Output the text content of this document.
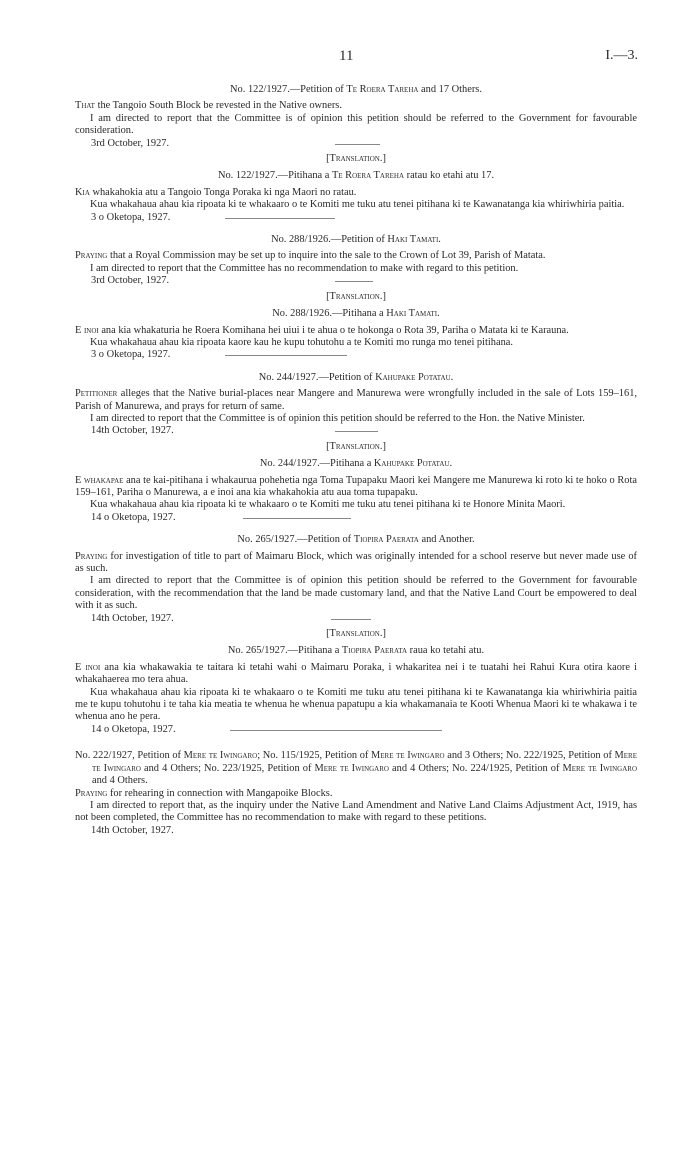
11	I.—3.
No. 122/1927.—Petition of Te Roera Tareha and 17 Others.
That the Tangoio South Block be revested in the Native owners.
I am directed to report that the Committee is of opinion this petition should be referred to the Government for favourable consideration.
3rd October, 1927.
[Translation.]
No. 122/1927.—Pitihana a Te Roera Tareha ratau ko etahi atu 17.
Kia whakahokia atu a Tangoio Tonga Poraka ki nga Maori no ratau.
Kua whakahaua ahau kia ripoata ki te whakaaro o te Komiti me tuku atu tenei pitihana ki te Kawanatanga kia whiriwhiria paitia.
3 o Oketopa, 1927.
No. 288/1926.—Petition of Haki Tamati.
Praying that a Royal Commission may be set up to inquire into the sale to the Crown of Lot 39, Parish of Matata.
I am directed to report that the Committee has no recommendation to make with regard to this petition.
3rd October, 1927.
[Translation.]
No. 288/1926.—Pitihana a Haki Tamati.
E inoi ana kia whakaturia he Roera Komihana hei uiui i te ahua o te hokonga o Rota 39, Pariha o Matata ki te Karauna.
Kua whakahaua ahau kia ripoata kaore kau he kupu tohutohu a te Komiti mo runga mo tenei pitihana.
3 o Oketopa, 1927.
No. 244/1927.—Petition of Kahupake Potatau.
Petitioner alleges that the Native burial-places near Mangere and Manurewa were wrongfully included in the sale of Lots 159–161, Parish of Manurewa, and prays for return of same.
I am directed to report that the Committee is of opinion this petition should be referred to the Hon. the Native Minister.
14th October, 1927.
[Translation.]
No. 244/1927.—Pitihana a Kahupake Potatau.
E whakapae ana te kai-pitihana i whakaurua pohehetia nga Toma Tupapaku Maori kei Mangere me Manurewa ki roto ki te hoko o Rota 159–161, Pariha o Manurewa, a e inoi ana kia whakahokia atu aua toma tupapaku.
Kua whakahaua ahau kia ripoata ki te whakaaro o te Komiti me tuku atu tenei pitihana ki te Honore Minita Maori.
14 o Oketopa, 1927.
No. 265/1927.—Petition of Tiopira Paerata and Another.
Praying for investigation of title to part of Maimaru Block, which was originally intended for a school reserve but never made use of as such.
I am directed to report that the Committee is of opinion this petition should be referred to the Government for favourable consideration, with the recommendation that the land be made customary land, and that the Native Land Court be empowered to deal with it as such.
14th October, 1927.
[Translation.]
No. 265/1927.—Pitihana a Tiopira Paerata raua ko tetahi atu.
E inoi ana kia whakawakia te taitara ki tetahi wahi o Maimaru Poraka, i whakaritea nei i te tuatahi hei Rahui Kura otira kaore i whakahaerea mo tera ahua.
Kua whakahaua ahau kia ripoata ki te whakaaro o te Komiti me tuku atu tenei pitihana ki te Kawanatanga kia whiriwhiria paitia me te kupu tohutohu i te taha kia meatia te whenua he whenua papatupu a kia whakamanaia te Kooti Whenua Maori ki te whakawa i te whenua ano he pera.
14 o Oketopa, 1927.
No. 222/1927, Petition of Mere te Iwingaro; No. 115/1925, Petition of Mere te Iwingaro and 3 Others; No. 222/1925, Petition of Mere te Iwingaro and 4 Others; No. 223/1925, Petition of Mere te Iwingaro and 4 Others; No. 224/1925, Petition of Mere te Iwingaro and 4 Others.
Praying for rehearing in connection with Mangapoike Blocks.
I am directed to report that, as the inquiry under the Native Land Amendment and Native Land Claims Adjustment Act, 1919, has not been completed, the Committee has no recommendation to make with regard to these petitions.
14th October, 1927.
